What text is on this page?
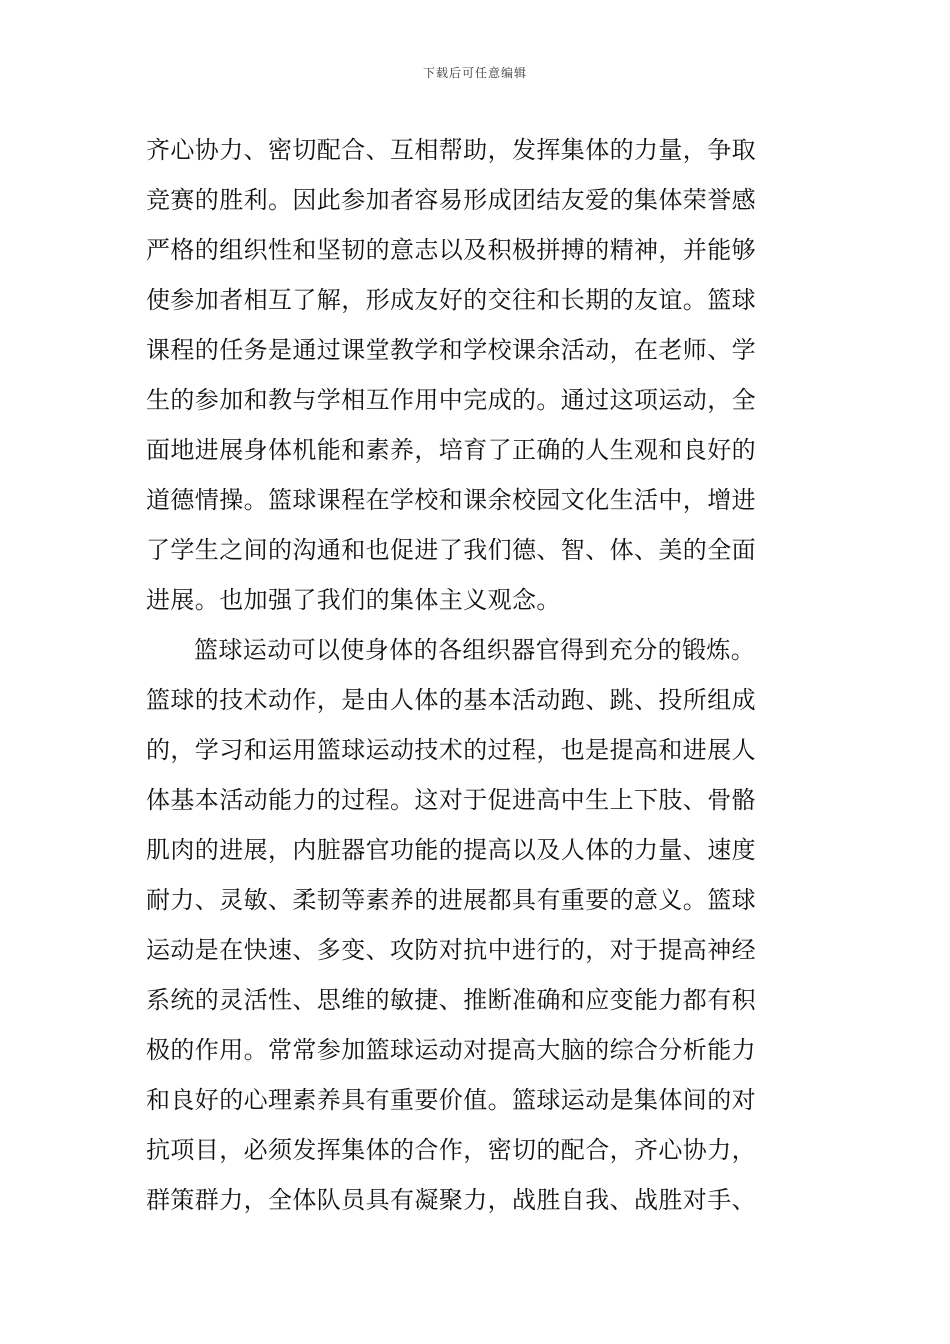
下载后可任意编辑
齐心协力、密切配合、互相帮助，发挥集体的力量，争取
竞赛的胜利。因此参加者容易形成团结友爱的集体荣誉感
严格的组织性和坚韧的意志以及积极拼搏的精神，并能够
使参加者相互了解，形成友好的交往和长期的友谊。篮球
课程的任务是通过课堂教学和学校课余活动，在老师、学
生的参加和教与学相互作用中完成的。通过这项运动，全
面地进展身体机能和素养，培育了正确的人生观和良好的
道德情操。篮球课程在学校和课余校园文化生活中，增进
了学生之间的沟通和也促进了我们德、智、体、美的全面
进展。也加强了我们的集体主义观念。
篮球运动可以使身体的各组织器官得到充分的锻炼。
篮球的技术动作，是由人体的基本活动跑、跳、投所组成
的，学习和运用篮球运动技术的过程，也是提高和进展人
体基本活动能力的过程。这对于促进高中生上下肢、骨骼
肌肉的进展，内脏器官功能的提高以及人体的力量、速度
耐力、灵敏、柔韧等素养的进展都具有重要的意义。篮球
运动是在快速、多变、攻防对抗中进行的，对于提高神经
系统的灵活性、思维的敏捷、推断准确和应变能力都有积
极的作用。常常参加篮球运动对提高大脑的综合分析能力
和良好的心理素养具有重要价值。篮球运动是集体间的对
抗项目，必须发挥集体的合作，密切的配合，齐心协力，
群策群力，全体队员具有凝聚力，战胜自我、战胜对手、
